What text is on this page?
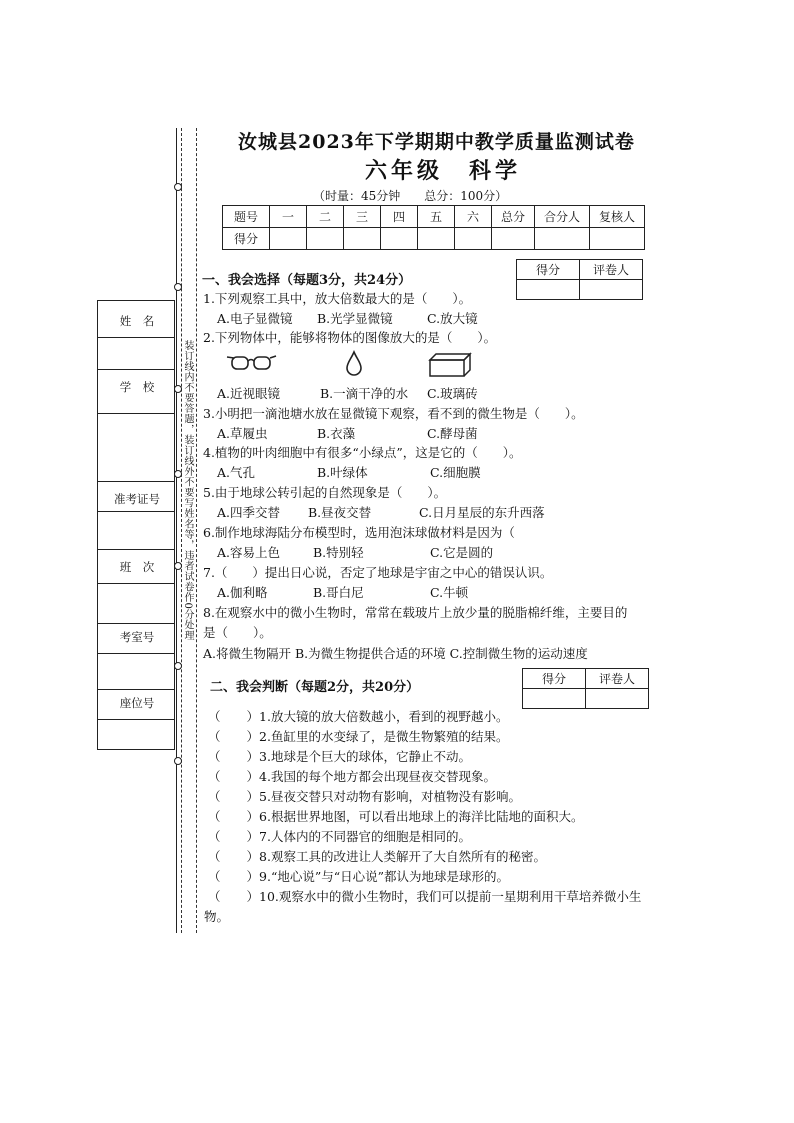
姓　名
学　校
准考证号
班　次
考室号
座位号
装订线内不要答题，装订线外不要写姓名等，违者试卷作0分处理
汝城县2023年下学期期中教学质量监测试卷
六年级　科学
（时量：45分钟　　总分：100分）
题号	一	二	三	四	五	六	总分	合分人	复核人
得分									
得分	评卷人

一、我会选择（每题3分，共24分）
1.下列观察工具中，放大倍数最大的是（　　）。
A.电子显微镜 B.光学显微镜	C.放大镜
2.下列物体中，能够将物体的图像放大的是（　　）。
A.近视眼镜	B.一滴干净的水 C.玻璃砖
3.小明把一滴池塘水放在显微镜下观察，看不到的微生物是（　　）。
A.草履虫	B.衣藻	C.酵母菌
4.植物的叶肉细胞中有很多“小绿点”，这是它的（　　）。
A.气孔	B.叶绿体	C.细胞膜
5.由于地球公转引起的自然现象是（　　）。
A.四季交替 B.昼夜交替	C.日月星辰的东升西落
6.制作地球海陆分布模型时，选用泡沫球做材料是因为（
A.容易上色	B.特别轻	C.它是圆的
7.（　　）提出日心说，否定了地球是宇宙之中心的错误认识。
A.伽利略	B.哥白尼	C.牛顿
8.在观察水中的微小生物时，常常在载玻片上放少量的脱脂棉纤维，主要目的
是（　　）。
A.将微生物隔开 B.为微生物提供合适的环境 C.控制微生物的运动速度
得分	评卷人

二、我会判断（每题2分，共20分）
（ ）1.放大镜的放大倍数越小，看到的视野越小。
（ ）2.鱼缸里的水变绿了，是微生物繁殖的结果。
（ ）3.地球是个巨大的球体，它静止不动。
（ ）4.我国的每个地方都会出现昼夜交替现象。
（ ）5.昼夜交替只对动物有影响，对植物没有影响。
（ ）6.根据世界地图，可以看出地球上的海洋比陆地的面积大。
（ ）7.人体内的不同器官的细胞是相同的。
（ ）8.观察工具的改进让人类解开了大自然所有的秘密。
（ ）9.“地心说”与“日心说”都认为地球是球形的。
（ ）10.观察水中的微小生物时，我们可以提前一星期利用干草培养微小生
物。
